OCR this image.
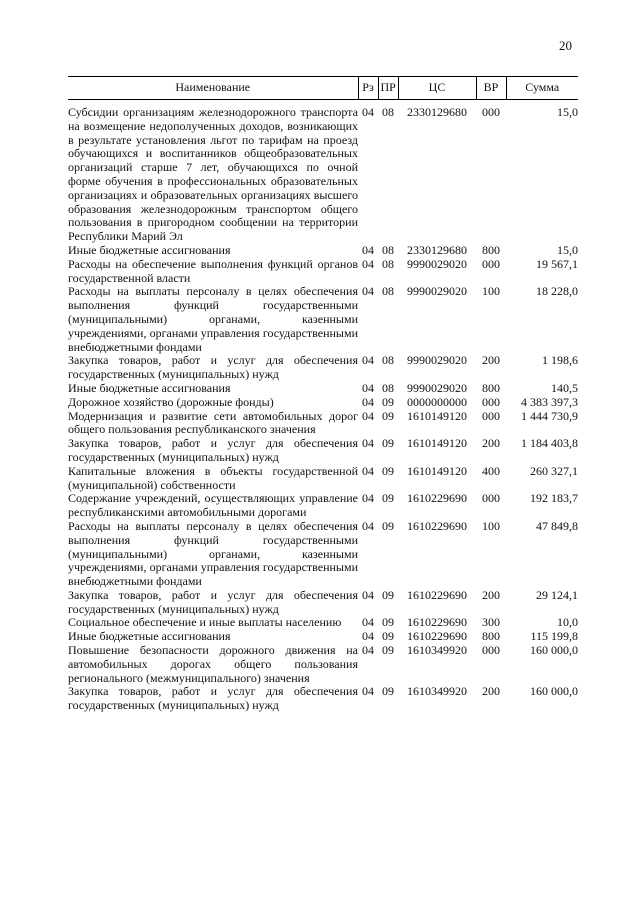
20
Наименование	Рз	ПР	ЦС	ВР	Сумма
Субсидии организациям железнодорожного транспорта на возмещение недополученных доходов, возникающих в результате установления льгот по тарифам на проезд обучающихся и воспитанников общеобразовательных организаций старше 7 лет, обучающихся по очной форме обучения в профессиональных образовательных организациях и образовательных организациях высшего образования железнодорожным транспортом общего пользования в пригородном сообщении на территории Республики Марий Эл	04	08	2330129680	000	15,0
Иные бюджетные ассигнования	04	08	2330129680	800	15,0
Расходы на обеспечение выполнения функций органов государственной власти	04	08	9990029020	000	19 567,1
Расходы на выплаты персоналу в целях обеспечения выполнения функций государственными (муниципальными) органами, казенными учреждениями, органами управления государственными внебюджетными фондами	04	08	9990029020	100	18 228,0
Закупка товаров, работ и услуг для обеспечения государственных (муниципальных) нужд	04	08	9990029020	200	1 198,6
Иные бюджетные ассигнования	04	08	9990029020	800	140,5
Дорожное хозяйство (дорожные фонды)	04	09	0000000000	000	4 383 397,3
Модернизация и развитие сети автомобильных дорог общего пользования республиканского значения	04	09	1610149120	000	1 444 730,9
Закупка товаров, работ и услуг для обеспечения государственных (муниципальных) нужд	04	09	1610149120	200	1 184 403,8
Капитальные вложения в объекты государственной (муниципальной) собственности	04	09	1610149120	400	260 327,1
Содержание учреждений, осуществляющих управление республиканскими автомобильными дорогами	04	09	1610229690	000	192 183,7
Расходы на выплаты персоналу в целях обеспечения выполнения функций государственными (муниципальными) органами, казенными учреждениями, органами управления государственными внебюджетными фондами	04	09	1610229690	100	47 849,8
Закупка товаров, работ и услуг для обеспечения государственных (муниципальных) нужд	04	09	1610229690	200	29 124,1
Социальное обеспечение и иные выплаты населению	04	09	1610229690	300	10,0
Иные бюджетные ассигнования	04	09	1610229690	800	115 199,8
Повышение безопасности дорожного движения на автомобильных дорогах общего пользования регионального (межмуниципального) значения	04	09	1610349920	000	160 000,0
Закупка товаров, работ и услуг для обеспечения государственных (муниципальных) нужд	04	09	1610349920	200	160 000,0
